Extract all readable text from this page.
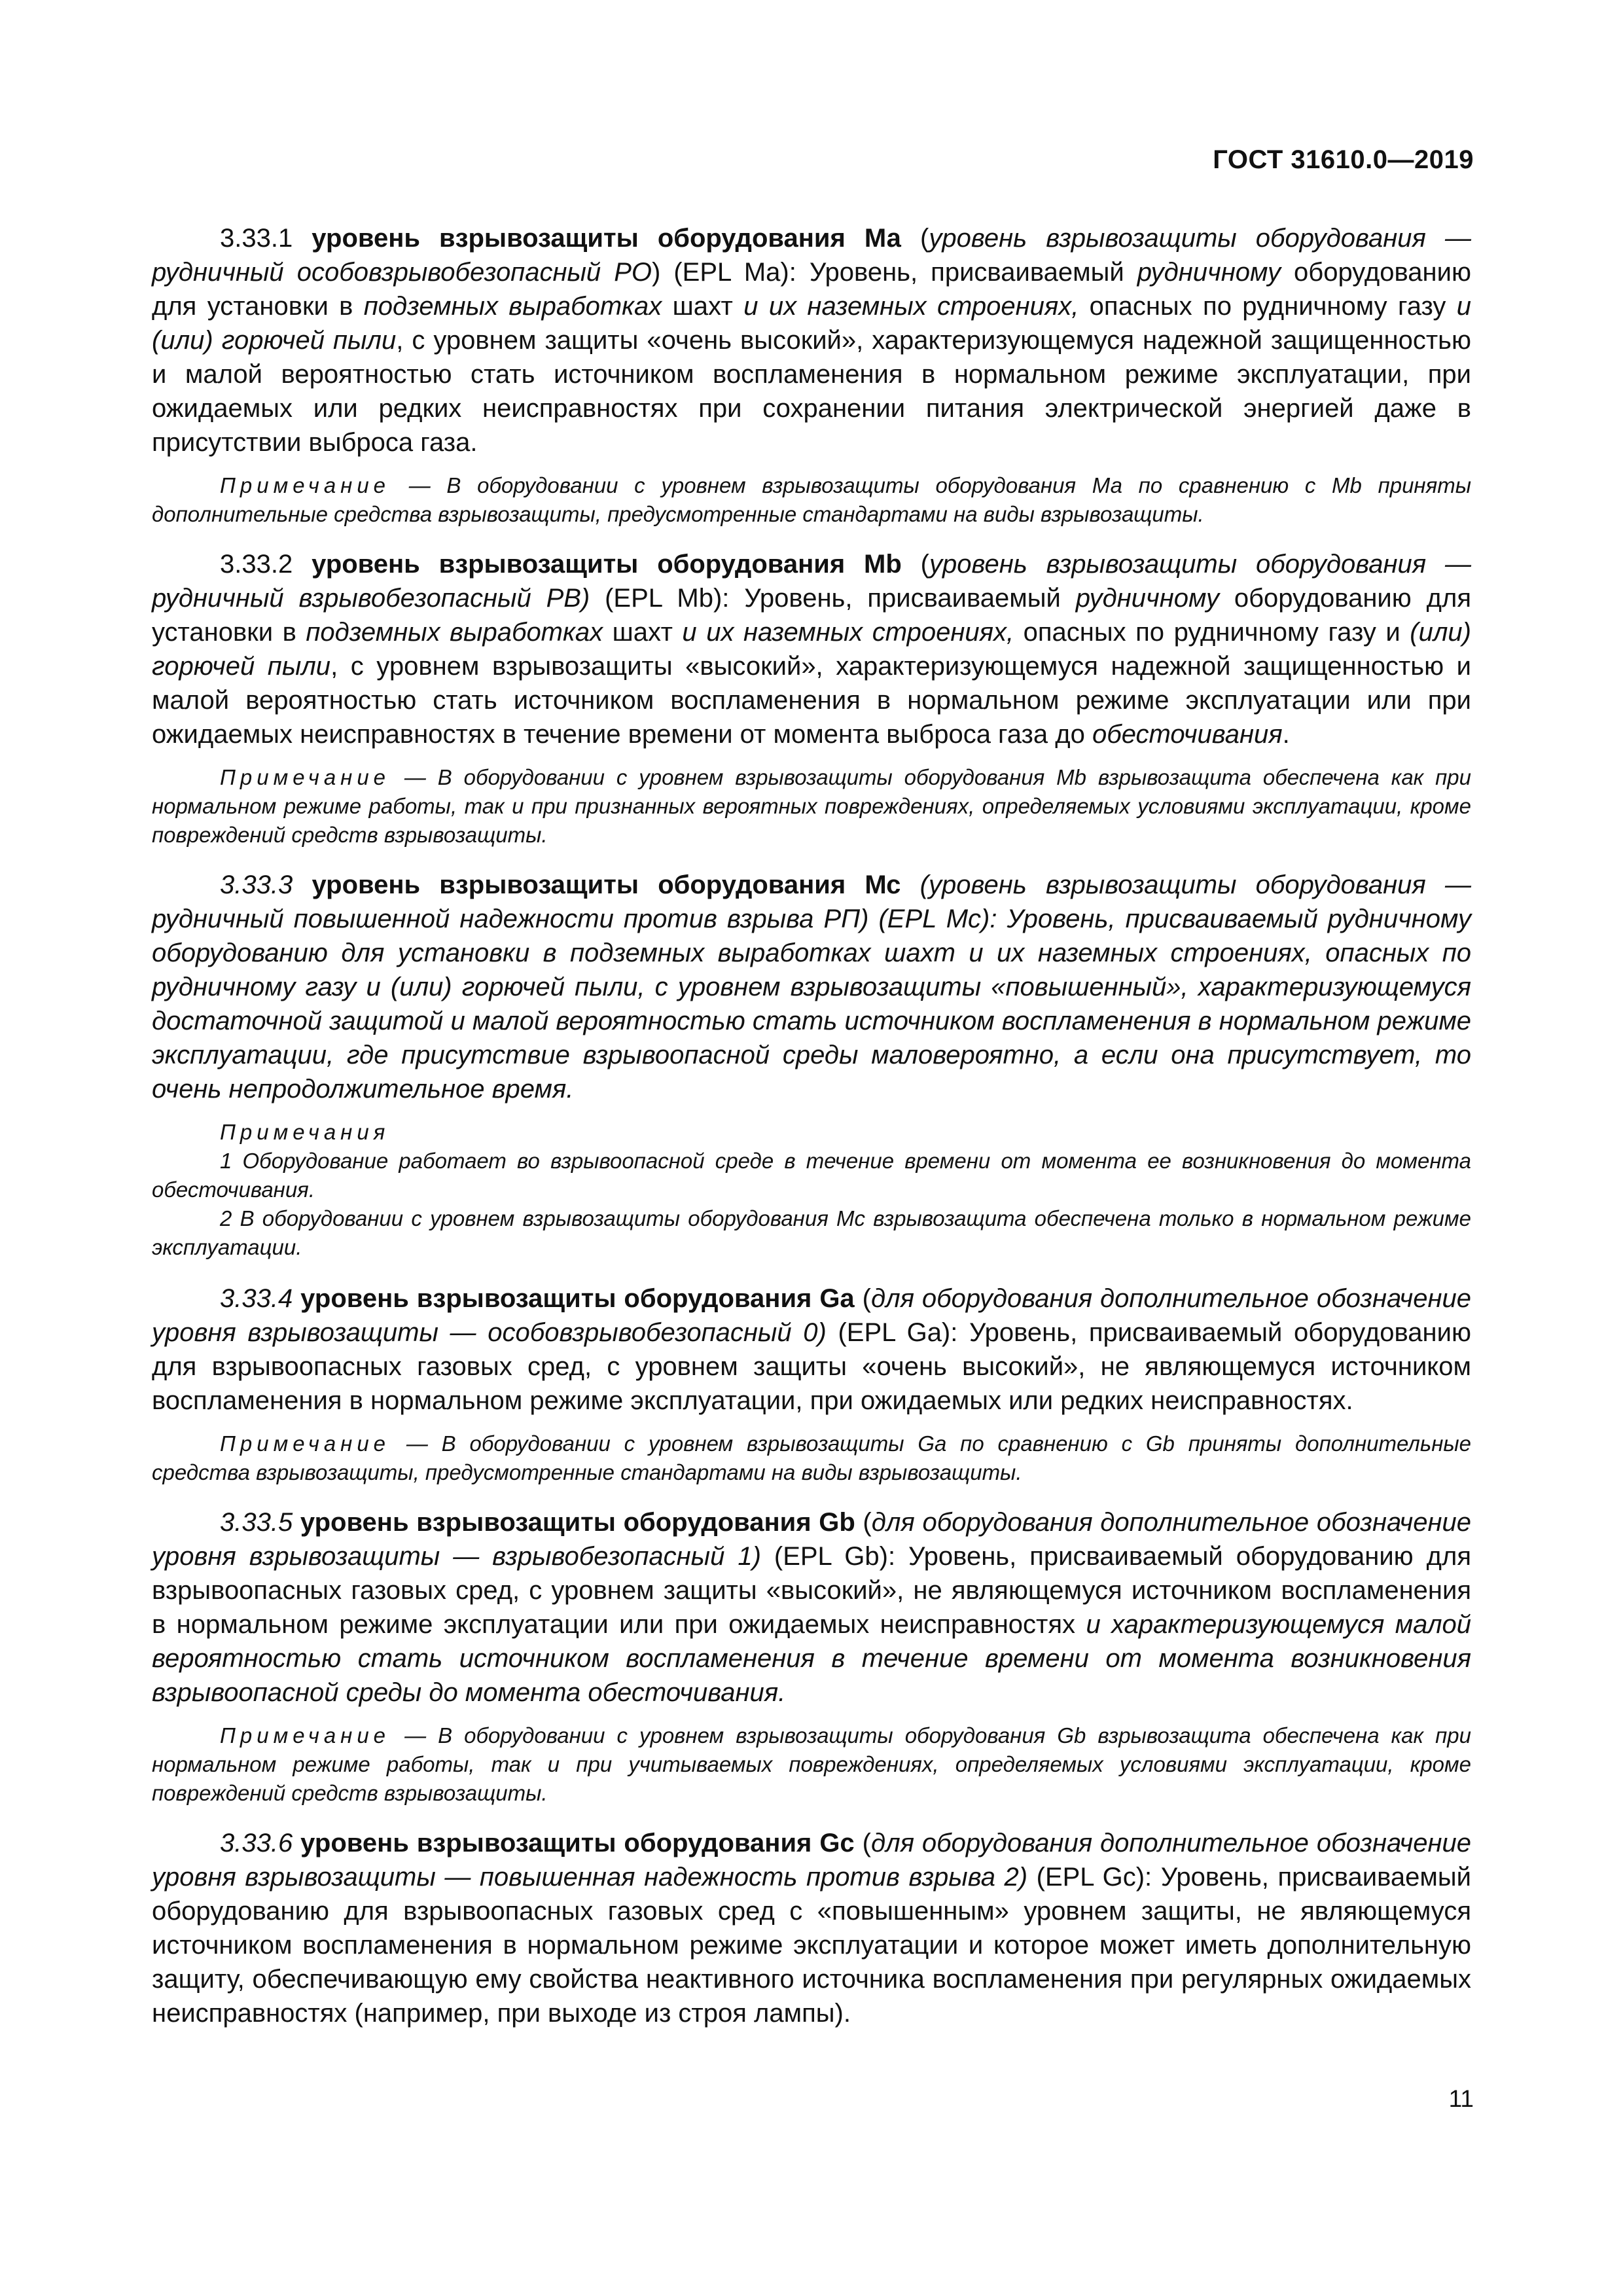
ГОСТ 31610.0—2019

3.33.1 уровень взрывозащиты оборудования Ма (уровень взрывозащиты оборудования — рудничный особовзрывобезопасный РО) (EPL Ma): Уровень, присваиваемый рудничному оборудованию для установки в подземных выработках шахт и их наземных строениях, опасных по рудничному газу и (или) горючей пыли, с уровнем защиты «очень высокий», характеризующемуся надежной защищенностью и малой вероятностью стать источником воспламенения в нормальном режиме эксплуатации, при ожидаемых или редких неисправностях при сохранении питания электрической энергией даже в присутствии выброса газа.

Примечание — В оборудовании с уровнем взрывозащиты оборудования Ма по сравнению с Mb приняты дополнительные средства взрывозащиты, предусмотренные стандартами на виды взрывозащиты.

3.33.2 уровень взрывозащиты оборудования Mb (уровень взрывозащиты оборудования — рудничный взрывобезопасный РВ) (EPL Mb): Уровень, присваиваемый рудничному оборудованию для установки в подземных выработках шахт и их наземных строениях, опасных по рудничному газу и (или) горючей пыли, с уровнем взрывозащиты «высокий», характеризующемуся надежной защищенностью и малой вероятностью стать источником воспламенения в нормальном режиме эксплуатации или при ожидаемых неисправностях в течение времени от момента выброса газа до обесточивания.

Примечание — В оборудовании с уровнем взрывозащиты оборудования Mb взрывозащита обеспечена как при нормальном режиме работы, так и при признанных вероятных повреждениях, определяемых условиями эксплуатации, кроме повреждений средств взрывозащиты.

3.33.3 уровень взрывозащиты оборудования Мс (уровень взрывозащиты оборудования — рудничный повышенной надежности против взрыва РП) (EPL Mc): Уровень, присваиваемый рудничному оборудованию для установки в подземных выработках шахт и их наземных строениях, опасных по рудничному газу и (или) горючей пыли, с уровнем взрывозащиты «повышенный», характеризующемуся достаточной защитой и малой вероятностью стать источником воспламенения в нормальном режиме эксплуатации, где присутствие взрывоопасной среды маловероятно, а если она присутствует, то очень непродолжительное время.

Примечания

1 Оборудование работает во взрывоопасной среде в течение времени от момента ее возникновения до момента обесточивания.

2 В оборудовании с уровнем взрывозащиты оборудования Мс взрывозащита обеспечена только в нормальном режиме эксплуатации.

3.33.4 уровень взрывозащиты оборудования Ga (для оборудования дополнительное обозначение уровня взрывозащиты — особовзрывобезопасный 0) (EPL Ga): Уровень, присваиваемый оборудованию для взрывоопасных газовых сред, с уровнем защиты «очень высокий», не являющемуся источником воспламенения в нормальном режиме эксплуатации, при ожидаемых или редких неисправностях.

Примечание — В оборудовании с уровнем взрывозащиты Ga по сравнению с Gb приняты дополнительные средства взрывозащиты, предусмотренные стандартами на виды взрывозащиты.

3.33.5 уровень взрывозащиты оборудования Gb (для оборудования дополнительное обозначение уровня взрывозащиты — взрывобезопасный 1) (EPL Gb): Уровень, присваиваемый оборудованию для взрывоопасных газовых сред, с уровнем защиты «высокий», не являющемуся источником воспламенения в нормальном режиме эксплуатации или при ожидаемых неисправностях и характеризующемуся малой вероятностью стать источником воспламенения в течение времени от момента возникновения взрывоопасной среды до момента обесточивания.

Примечание — В оборудовании с уровнем взрывозащиты оборудования Gb взрывозащита обеспечена как при нормальном режиме работы, так и при учитываемых повреждениях, определяемых условиями эксплуатации, кроме повреждений средств взрывозащиты.

3.33.6 уровень взрывозащиты оборудования Gc (для оборудования дополнительное обозначение уровня взрывозащиты — повышенная надежность против взрыва 2) (EPL Gc): Уровень, присваиваемый оборудованию для взрывоопасных газовых сред с «повышенным» уровнем защиты, не являющемуся источником воспламенения в нормальном режиме эксплуатации и которое может иметь дополнительную защиту, обеспечивающую ему свойства неактивного источника воспламенения при регулярных ожидаемых неисправностях (например, при выходе из строя лампы).

11
